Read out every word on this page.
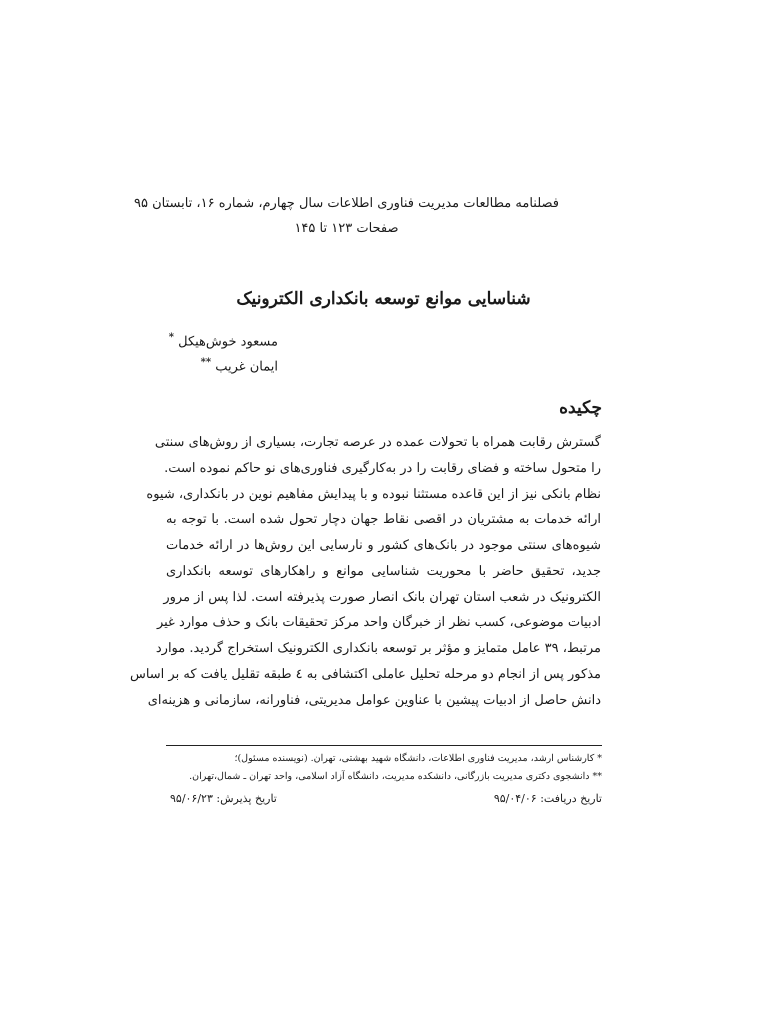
فصلنامه مطالعات مدیریت فناوری اطلاعات سال چهارم، شماره ۱۶، تابستان ۹۵
صفحات ۱۲۳ تا ۱۴۵
شناسایی موانع توسعه بانکداری الکترونیک
مسعود خوش‌هیکل *
ایمان غریب **
چکیده
گسترش رقابت همراه با تحولات عمده در عرصه تجارت، بسیاری از روش‌های سنتی
را متحول ساخته و فضای رقابت را در به‌کارگیری فناوری‌های نو حاکم نموده است.
نظام بانکی نیز از این قاعده مستثنا نبوده و با پیدایش مفاهیم نوین در بانکداری، شیوه
ارائه خدمات به مشتریان در اقصی نقاط جهان دچار تحول شده است. با توجه به
شیوه‌های سنتی موجود در بانک‌های کشور و نارسایی این روش‌ها در ارائه خدمات
جدید، تحقیق حاضر با محوریت شناسایی موانع و راهکارهای توسعه بانکداری
الکترونیک در شعب استان تهران بانک انصار صورت پذیرفته است. لذا پس از مرور
ادبیات موضوعی، کسب نظر از خبرگان واحد مرکز تحقیقات بانک و حذف موارد غیر
مرتبط، ۳۹ عامل متمایز و مؤثر بر توسعه بانکداری الکترونیک استخراج گردید. موارد
مذکور پس از انجام دو مرحله تحلیل عاملی اکتشافی به ٤ طبقه تقلیل یافت که بر اساس
دانش حاصل از ادبیات پیشین با عناوین عوامل مدیریتی، فناورانه، سازمانی و هزینه‌ای
* کارشناس ارشد، مدیریت فناوری اطلاعات، دانشگاه شهید بهشتی، تهران. (نویسنده مسئول)؛
** دانشجوی دکتری مدیریت بازرگانی، دانشکده مدیریت، دانشگاه آزاد اسلامی، واحد تهران ـ شمال،تهران.
تاریخ دریافت: ۹۵/۰۴/۰۶
تاریخ پذیرش: ۹۵/۰۶/۲۳
